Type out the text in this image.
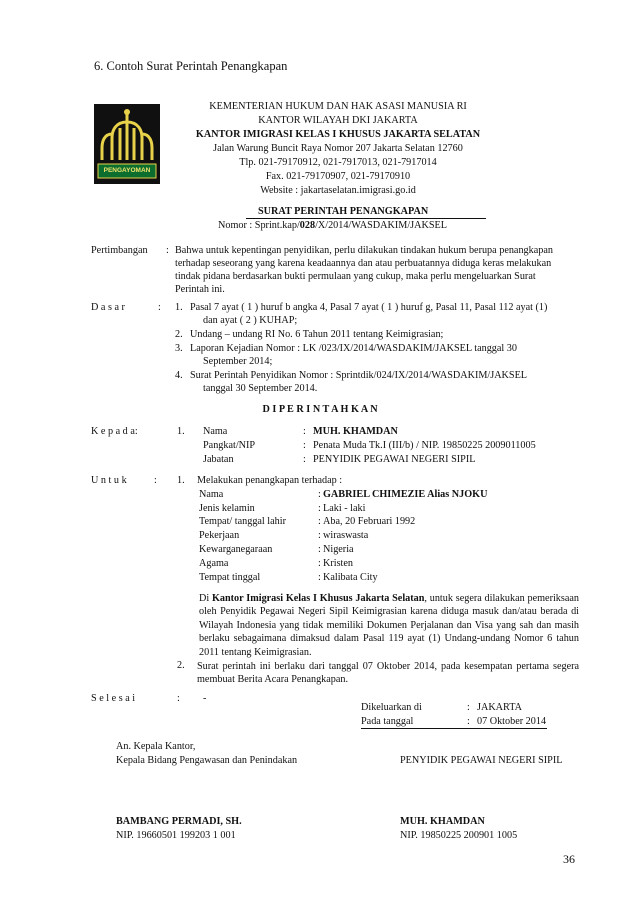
6. Contoh Surat Perintah Penangkapan
PENGAYOMAN
KEMENTERIAN HUKUM DAN HAK ASASI MANUSIA RI
KANTOR WILAYAH DKI JAKARTA
KANTOR IMIGRASI KELAS I KHUSUS JAKARTA SELATAN
Jalan Warung Buncit Raya Nomor 207 Jakarta Selatan 12760
Tlp. 021-79170912, 021-7917013, 021-7917014
Fax. 021-79170907, 021-79170910
Website : jakartaselatan.imigrasi.go.id
SURAT PERINTAH PENANGKAPAN
Nomor : Sprint.kap/028/X/2014/WASDAKIM/JAKSEL
Pertimbangan : Bahwa untuk kepentingan penyidikan, perlu dilakukan tindakan hukum berupa penangkapan
terhadap seseorang yang karena keadaannya dan atau perbuatannya diduga keras melakukan
tindak pidana berdasarkan bukti permulaan yang cukup, maka perlu mengeluarkan Surat
Perintah ini.
D a s a r	: 1. Pasal 7 ayat ( 1 ) huruf b angka 4, Pasal 7 ayat ( 1 ) huruf g, Pasal 11, Pasal 112 ayat (1)
dan ayat ( 2 ) KUHAP;
2. Undang – undang RI No. 6 Tahun 2011 tentang Keimigrasian;
3. Laporan Kejadian Nomor : LK /023/IX/2014/WASDAKIM/JAKSEL tanggal 30
September 2014;
4. Surat Perintah Penyidikan Nomor : Sprintdik/024/IX/2014/WASDAKIM/JAKSEL
tanggal 30 September 2014.
D I P E R I N T A H K A N
K e p a d a:	1. Nama	: MUH. KHAMDAN
Pangkat/NIP	: Penata Muda Tk.I (III/b) / NIP. 19850225 2009011005
Jabatan	: PENYIDIK PEGAWAI NEGERI SIPIL
U n t u k	: 1. Melakukan penangkapan terhadap :
Nama	: GABRIEL CHIMEZIE Alias NJOKU
Jenis kelamin	: Laki - laki
Tempat/ tanggal lahir	: Aba, 20 Februari 1992
Pekerjaan	: wiraswasta
Kewarganegaraan	: Nigeria
Agama	: Kristen
Tempat tinggal	: Kalibata City
Di Kantor Imigrasi Kelas I Khusus Jakarta Selatan, untuk segera dilakukan pemeriksaan oleh Penyidik Pegawai Negeri Sipil Keimigrasian karena diduga masuk dan/atau berada di Wilayah Indonesia yang tidak memiliki Dokumen Perjalanan dan Visa yang sah dan masih berlaku sebagaimana dimaksud dalam Pasal 119 ayat (1) Undang-undang Nomor 6 tahun 2011 tentang Keimigrasian.
2. Surat perintah ini berlaku dari tanggal 07 Oktober 2014, pada kesempatan pertama segera membuat Berita Acara Penangkapan.
S e l e s a i	: -
Dikeluarkan di	: JAKARTA
Pada tanggal	: 07 Oktober 2014
An. Kepala Kantor,
Kepala Bidang Pengawasan dan Penindakan	PENYIDIK PEGAWAI NEGERI SIPIL
BAMBANG PERMADI, SH.
NIP. 19660501 199203 1 001
MUH. KHAMDAN
NIP. 19850225 200901 1005
36
